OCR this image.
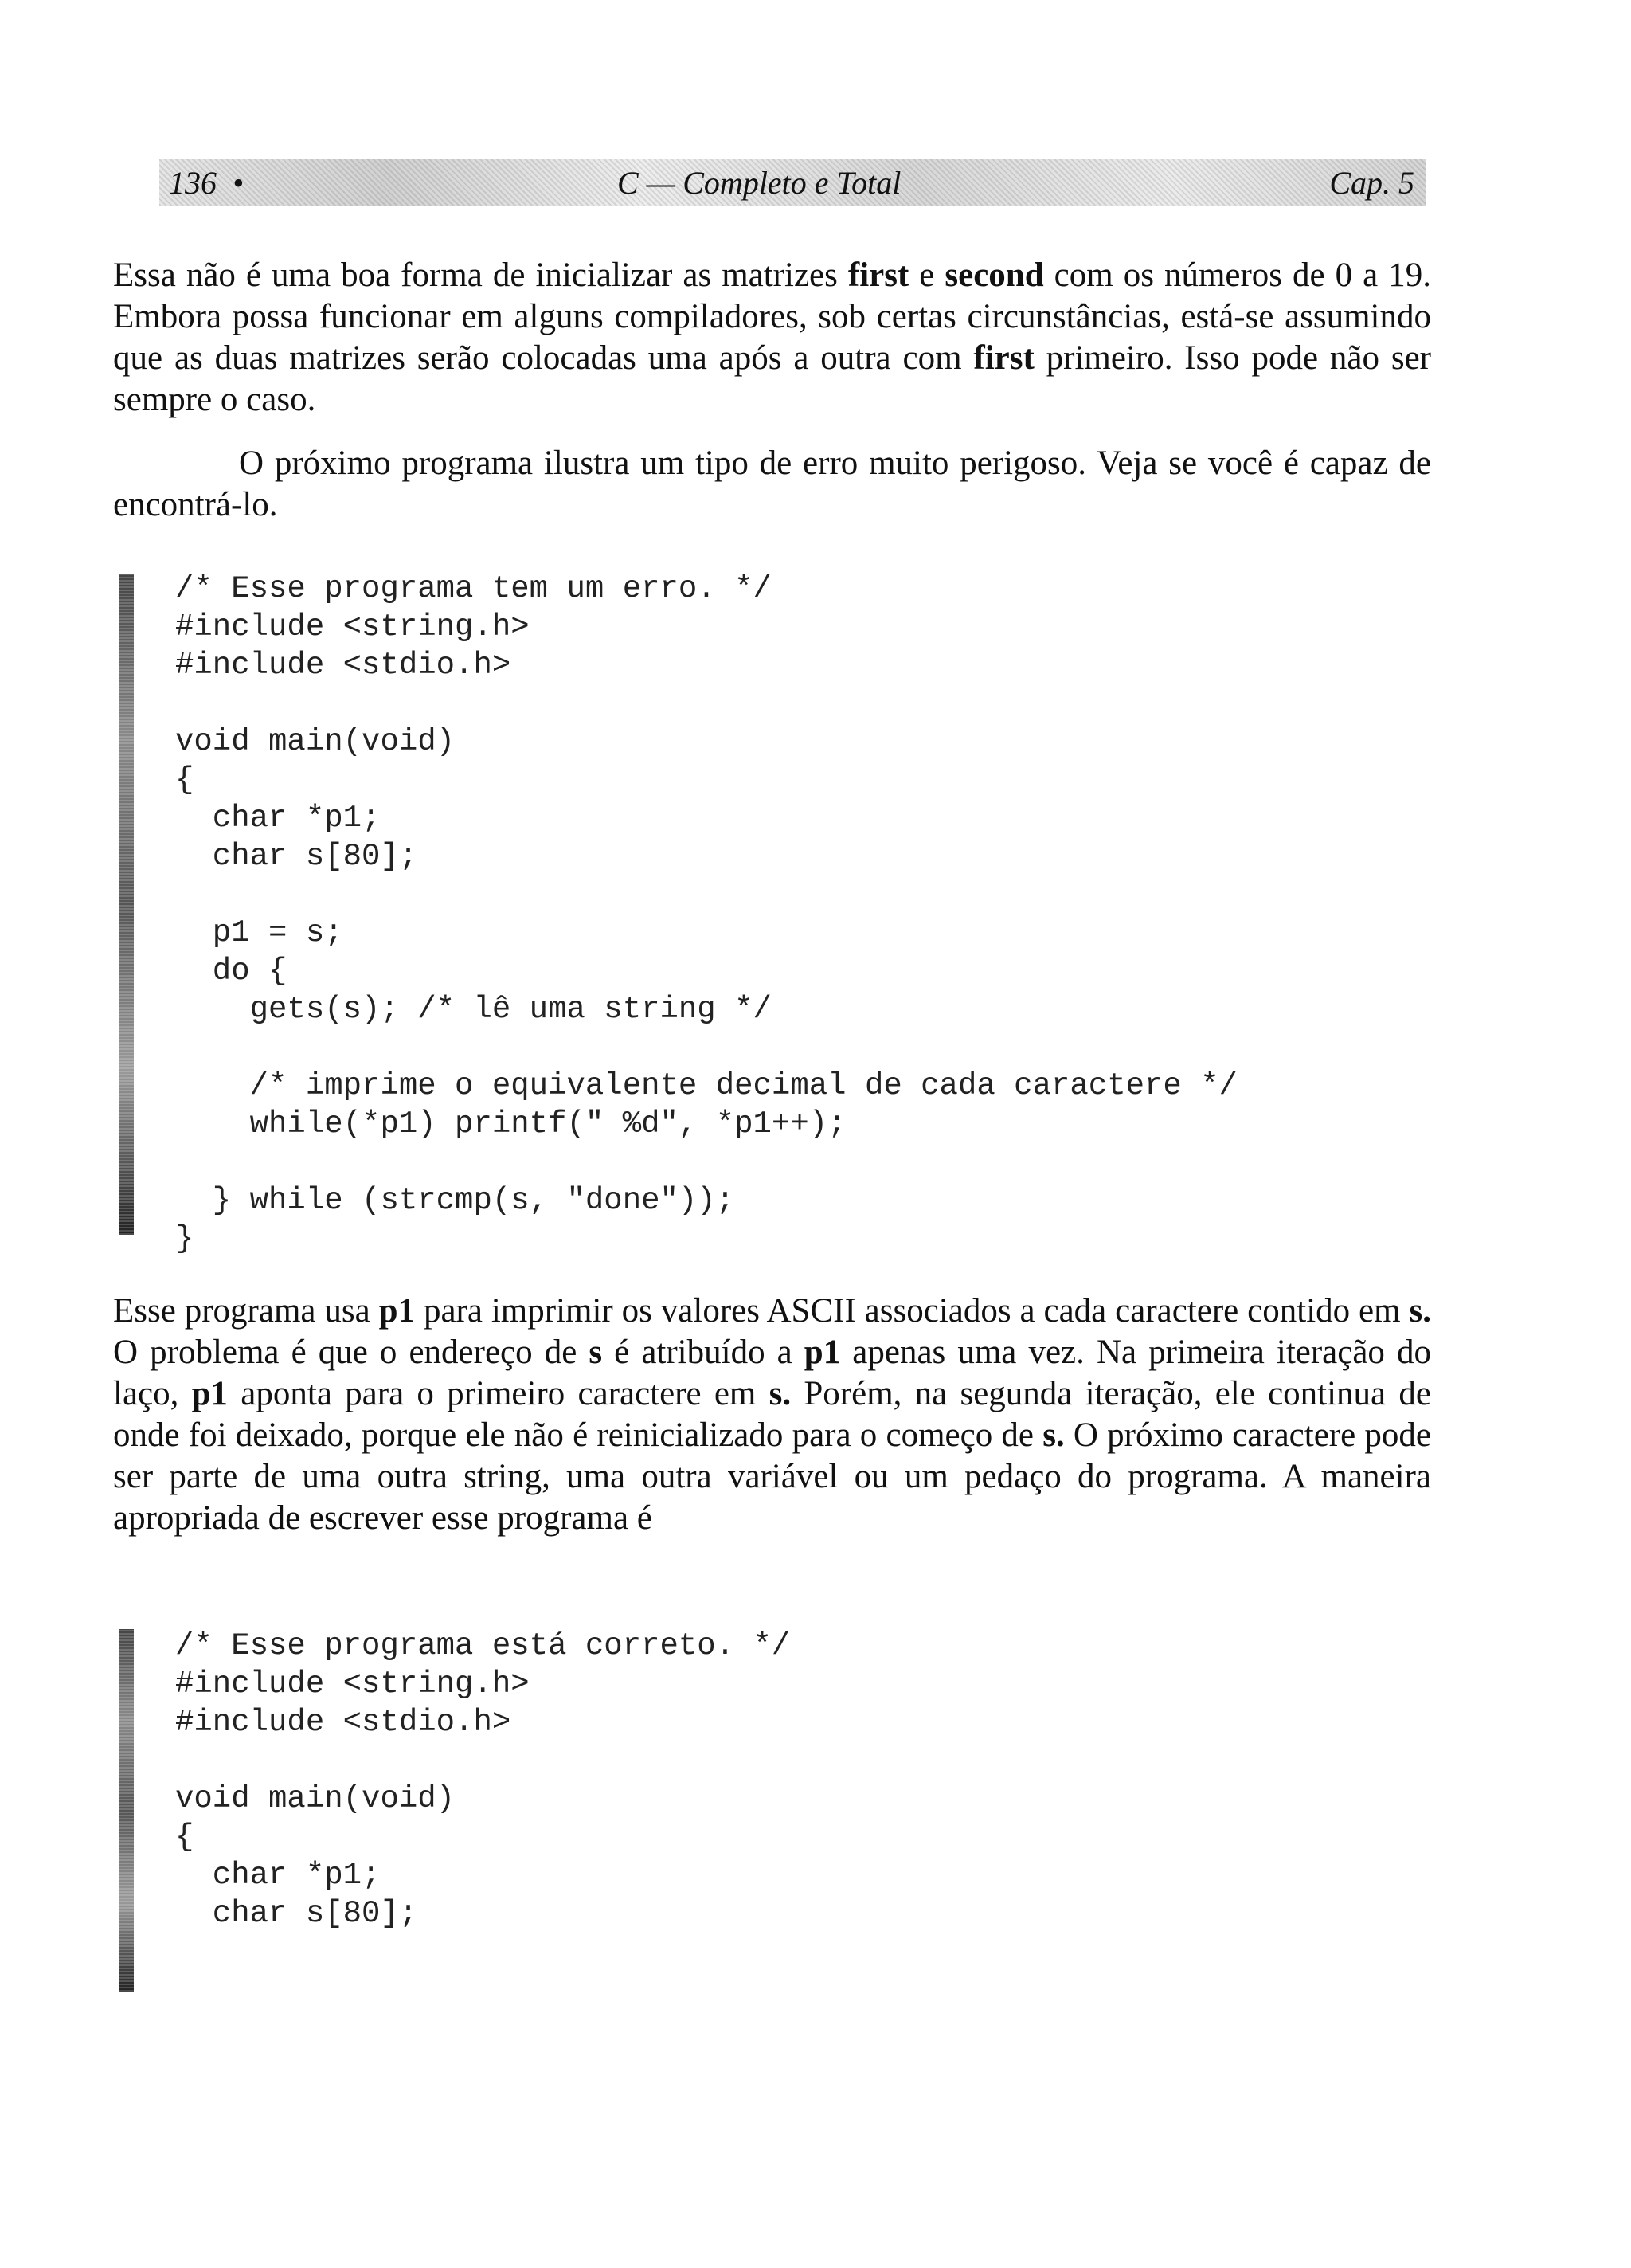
136 •	C — Completo e Total	Cap. 5

Essa não é uma boa forma de inicializar as matrizes first e second com os números de 0 a 19. Embora possa funcionar em alguns compiladores, sob certas circunstâncias, está-se assumindo que as duas matrizes serão colocadas uma após a outra com first primeiro. Isso pode não ser sempre o caso.

O próximo programa ilustra um tipo de erro muito perigoso. Veja se você é capaz de encontrá-lo.

/* Esse programa tem um erro. */
#include <string.h>
#include <stdio.h>

void main(void)
{
char *p1;
char s[80];

p1 = s;
do {
gets(s); /* lê uma string */

/* imprime o equivalente decimal de cada caractere */
while(*p1) printf(" %d", *p1++);

} while (strcmp(s, "done"));
}

Esse programa usa p1 para imprimir os valores ASCII associados a cada caractere contido em s. O problema é que o endereço de s é atribuído a p1 apenas uma vez. Na primeira iteração do laço, p1 aponta para o primeiro caractere em s. Porém, na segunda iteração, ele continua de onde foi deixado, porque ele não é reinicializado para o começo de s. O próximo caractere pode ser parte de uma outra string, uma outra variável ou um pedaço do programa. A maneira apropriada de escrever esse programa é

/* Esse programa está correto. */
#include <string.h>
#include <stdio.h>

void main(void)
{
char *p1;
char s[80];
